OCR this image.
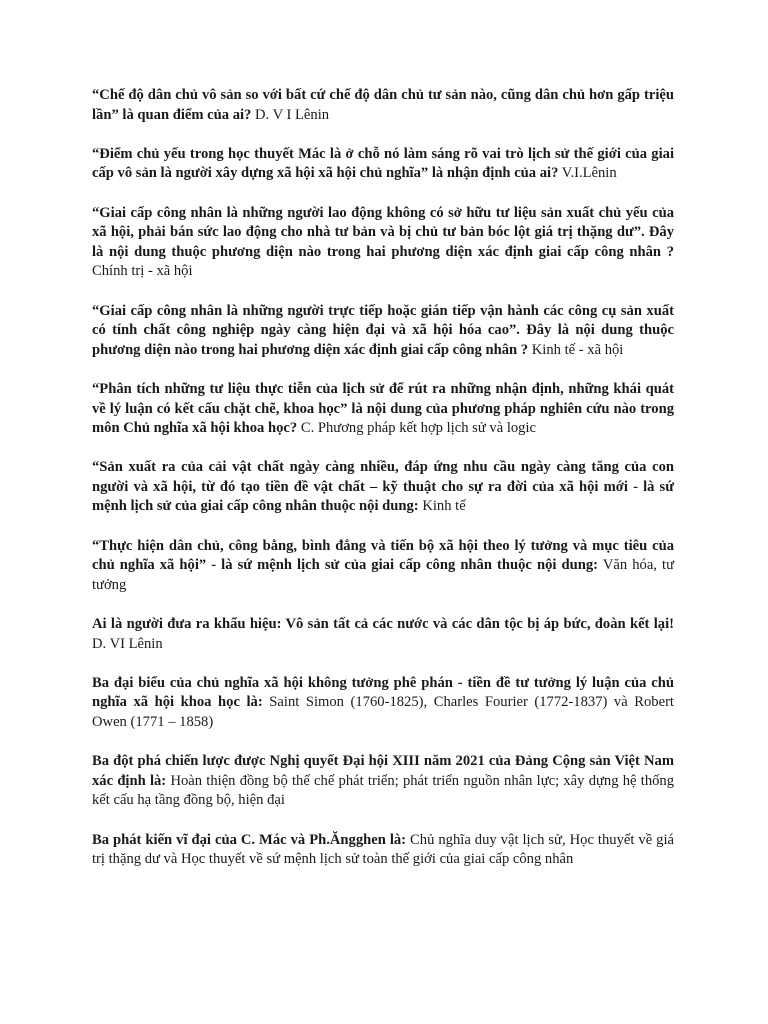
“Chế độ dân chủ vô sản so với bất cứ chế độ dân chủ tư sản nào, cũng dân chủ hơn gấp triệu lần” là quan điểm của ai? D. V I Lênin

“Điểm chủ yếu trong học thuyết Mác là ở chỗ nó làm sáng rõ vai trò lịch sử thế giới của giai cấp vô sản là người xây dựng xã hội xã hội chủ nghĩa” là nhận định của ai? V.I.Lênin

“Giai cấp công nhân là những người lao động không có sở hữu tư liệu sản xuất chủ yếu của xã hội, phải bán sức lao động cho nhà tư bản và bị chủ tư bản bóc lột giá trị thặng dư”. Đây là nội dung thuộc phương diện nào trong hai phương diện xác định giai cấp công nhân ? Chính trị - xã hội

“Giai cấp công nhân là những người trực tiếp hoặc gián tiếp vận hành các công cụ sản xuất có tính chất công nghiệp ngày càng hiện đại và xã hội hóa cao”. Đây là nội dung thuộc phương diện nào trong hai phương diện xác định giai cấp công nhân ? Kinh tế - xã hội

“Phân tích những tư liệu thực tiễn của lịch sử để rút ra những nhận định, những khái quát về lý luận có kết cấu chặt chẽ, khoa học” là nội dung của phương pháp nghiên cứu nào trong môn Chủ nghĩa xã hội khoa học? C. Phương pháp kết hợp lịch sử và logic

“Sản xuất ra của cải vật chất ngày càng nhiều, đáp ứng nhu cầu ngày càng tăng của con người và xã hội, từ đó tạo tiền đề vật chất – kỹ thuật cho sự ra đời của xã hội mới - là sứ mệnh lịch sử của giai cấp công nhân thuộc nội dung: Kinh tế

“Thực hiện dân chủ, công bằng, bình đẳng và tiến bộ xã hội theo lý tưởng và mục tiêu của chủ nghĩa xã hội” - là sứ mệnh lịch sử của giai cấp công nhân thuộc nội dung: Văn hóa, tư tưởng

Ai là người đưa ra khẩu hiệu: Vô sản tất cả các nước và các dân tộc bị áp bức, đoàn kết lại! D. VI Lênin

Ba đại biểu của chủ nghĩa xã hội không tưởng phê phán - tiền đề tư tưởng lý luận của chủ nghĩa xã hội khoa học là: Saint Simon (1760-1825), Charles Fourier (1772-1837) và Robert Owen (1771 – 1858)

Ba đột phá chiến lược được Nghị quyết Đại hội XIII năm 2021 của Đảng Cộng sản Việt Nam xác định là: Hoàn thiện đồng bộ thể chế phát triển; phát triển nguồn nhân lực; xây dựng hệ thống kết cấu hạ tầng đồng bộ, hiện đại

Ba phát kiến vĩ đại của C. Mác và Ph.Ăngghen là: Chủ nghĩa duy vật lịch sử, Học thuyết về giá trị thặng dư và Học thuyết về sứ mệnh lịch sử toàn thế giới của giai cấp công nhân
